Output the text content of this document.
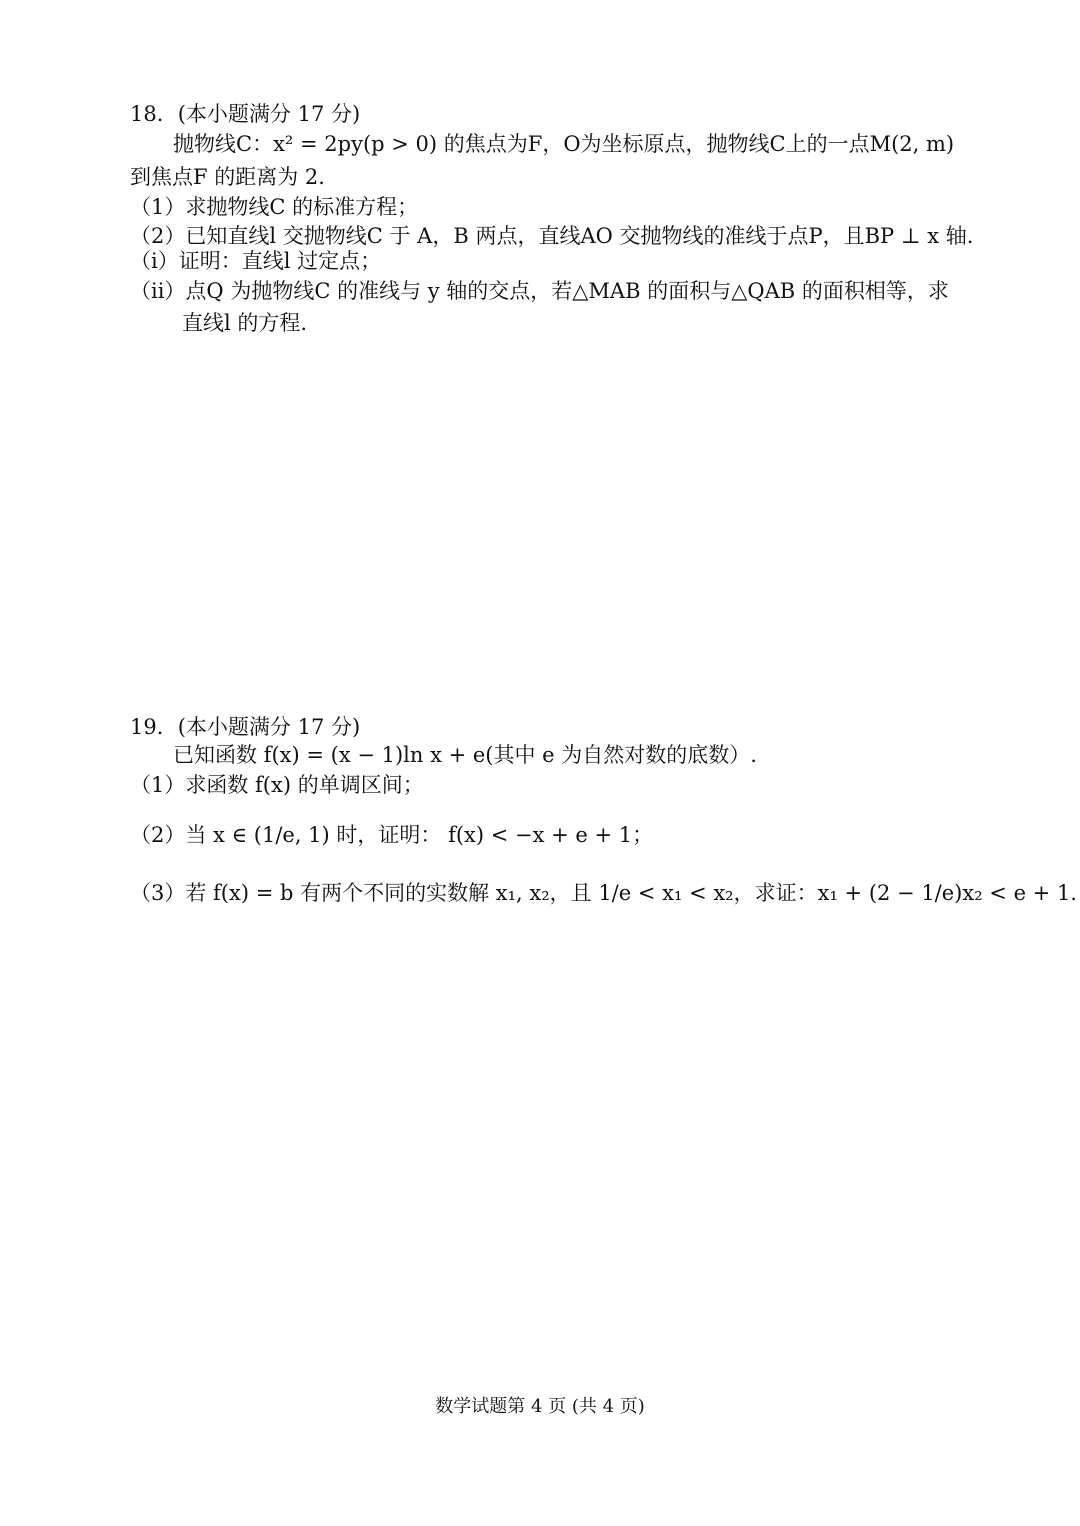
18．(本小题满分 17 分)
抛物线C：x² = 2py(p > 0) 的焦点为F，O为坐标原点，抛物线C上的一点M(2, m)
到焦点F 的距离为 2.
（1）求抛物线C 的标准方程；
（2）已知直线l 交抛物线C 于 A，B 两点，直线AO 交抛物线的准线于点P，且BP ⊥ x 轴.
（i）证明：直线l 过定点；
（ii）点Q 为抛物线C 的准线与 y 轴的交点，若△MAB 的面积与△QAB 的面积相等，求
直线l 的方程.
19．(本小题满分 17 分)
已知函数 f(x) = (x − 1)ln x + e(其中 e 为自然对数的底数）.
（1）求函数 f(x) 的单调区间；
（2）当 x ∈ (1/e, 1) 时，证明： f(x) < −x + e + 1；
（3）若 f(x) = b 有两个不同的实数解 x₁, x₂，且 1/e < x₁ < x₂，求证：x₁ + (2 − 1/e)x₂ < e + 1.
数学试题第 4 页 (共 4 页)
